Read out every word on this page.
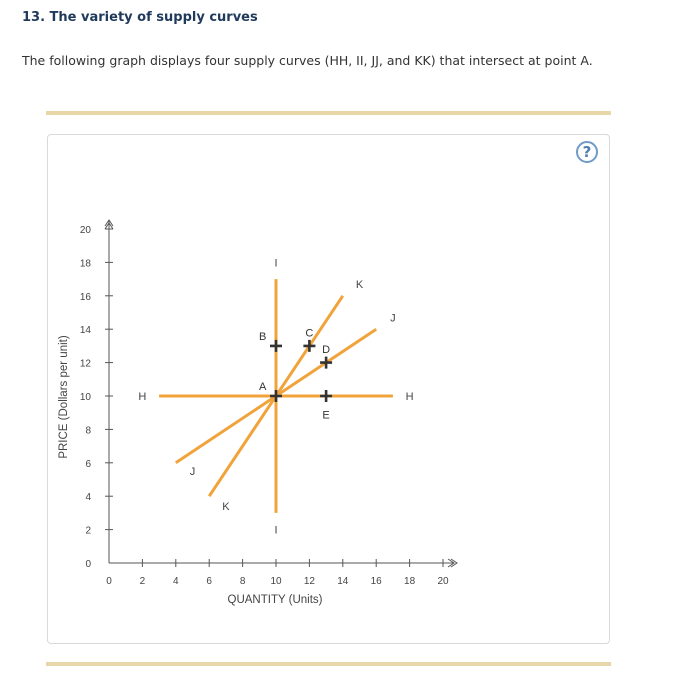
13. The variety of supply curves
The following graph displays four supply curves (HH, II, JJ, and KK) that intersect at point A.
?
0	2	4	6	8	10 12 14 16 18 20
0
2
4
6
8
10
12
14
16
18
20
H	H
I
I
J
J
K
K
A
B	C
D
E
QUANTITY (Units)
PRICE (Dollars per unit)
